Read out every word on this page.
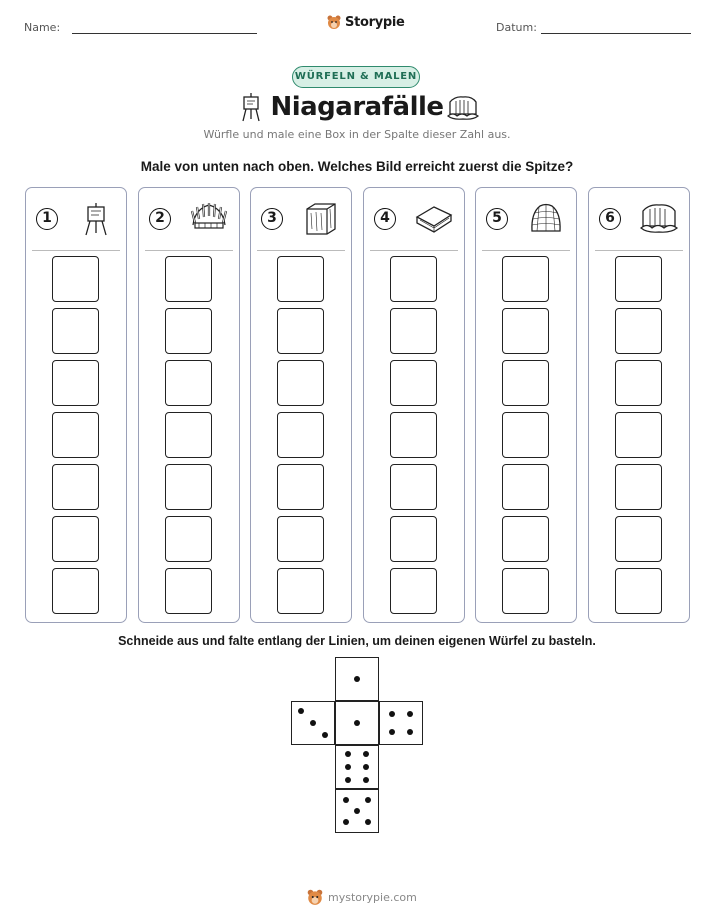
Name:	Storypie	Datum:
WÜRFELN & MALEN
Niagarafälle
Würfle und male eine Box in der Spalte dieser Zahl aus.
Male von unten nach oben. Welches Bild erreicht zuerst die Spitze?
1	2	3	4	5	6
Schneide aus und falte entlang der Linien, um deinen eigenen Würfel zu basteln.
mystorypie.com
